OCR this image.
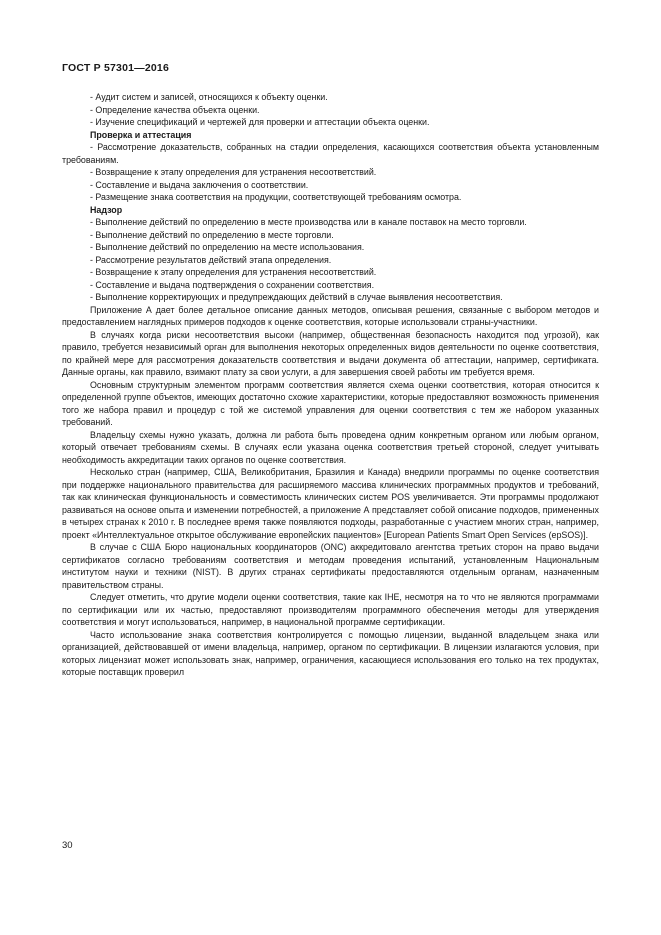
ГОСТ Р 57301—2016

- Аудит систем и записей, относящихся к объекту оценки.

- Определение качества объекта оценки.

- Изучение спецификаций и чертежей для проверки и аттестации объекта оценки.

Проверка и аттестация

- Рассмотрение доказательств, собранных на стадии определения, касающихся соответствия объекта установленным требованиям.

- Возвращение к этапу определения для устранения несоответствий.

- Составление и выдача заключения о соответствии.

- Размещение знака соответствия на продукции, соответствующей требованиям осмотра.

Надзор

- Выполнение действий по определению в месте производства или в канале поставок на место торговли.

- Выполнение действий по определению в месте торговли.

- Выполнение действий по определению на месте использования.

- Рассмотрение результатов действий этапа определения.

- Возвращение к этапу определения для устранения несоответствий.

- Составление и выдача подтверждения о сохранении соответствия.

- Выполнение корректирующих и предупреждающих действий в случае выявления несоответствия.

Приложение А дает более детальное описание данных методов, описывая решения, связанные с выбором методов и предоставлением наглядных примеров подходов к оценке соответствия, которые использовали страны-участники.

В случаях когда риски несоответствия высоки (например, общественная безопасность находится под угрозой), как правило, требуется независимый орган для выполнения некоторых определенных видов деятельности по оценке соответствия, по крайней мере для рассмотрения доказательств соответствия и выдачи документа об аттестации, например, сертификата. Данные органы, как правило, взимают плату за свои услуги, а для завершения своей работы им требуется время.

Основным структурным элементом программ соответствия является схема оценки соответствия, которая относится к определенной группе объектов, имеющих достаточно схожие характеристики, которые предоставляют возможность применения того же набора правил и процедур с той же системой управления для оценки соответствия с тем же набором указанных требований.

Владельцу схемы нужно указать, должна ли работа быть проведена одним конкретным органом или любым органом, который отвечает требованиям схемы. В случаях если указана оценка соответствия третьей стороной, следует учитывать необходимость аккредитации таких органов по оценке соответствия.

Несколько стран (например, США, Великобритания, Бразилия и Канада) внедрили программы по оценке соответствия при поддержке национального правительства для расширяемого массива клинических программных продуктов и требований, так как клиническая функциональность и совместимость клинических систем POS увеличивается. Эти программы продолжают развиваться на основе опыта и изменении потребностей, а приложение А представляет собой описание подходов, примененных в четырех странах к 2010 г. В последнее время также появляются подходы, разработанные с участием многих стран, например, проект «Интеллектуальное открытое обслуживание европейских пациентов» [European Patients Smart Open Services (epSOS)].

В случае с США Бюро национальных координаторов (ONC) аккредитовало агентства третьих сторон на право выдачи сертификатов согласно требованиям соответствия и методам проведения испытаний, установленным Национальным институтом науки и техники (NIST). В других странах сертификаты предоставляются отдельным органам, назначенным правительством страны.

Следует отметить, что другие модели оценки соответствия, такие как IHE, несмотря на то что не являются программами по сертификации или их частью, предоставляют производителям программного обеспечения методы для утверждения соответствия и могут использоваться, например, в национальной программе сертификации.

Часто использование знака соответствия контролируется с помощью лицензии, выданной владельцем знака или организацией, действовавшей от имени владельца, например, органом по сертификации. В лицензии излагаются условия, при которых лицензиат может использовать знак, например, ограничения, касающиеся использования его только на тех продуктах, которые поставщик проверил

30
